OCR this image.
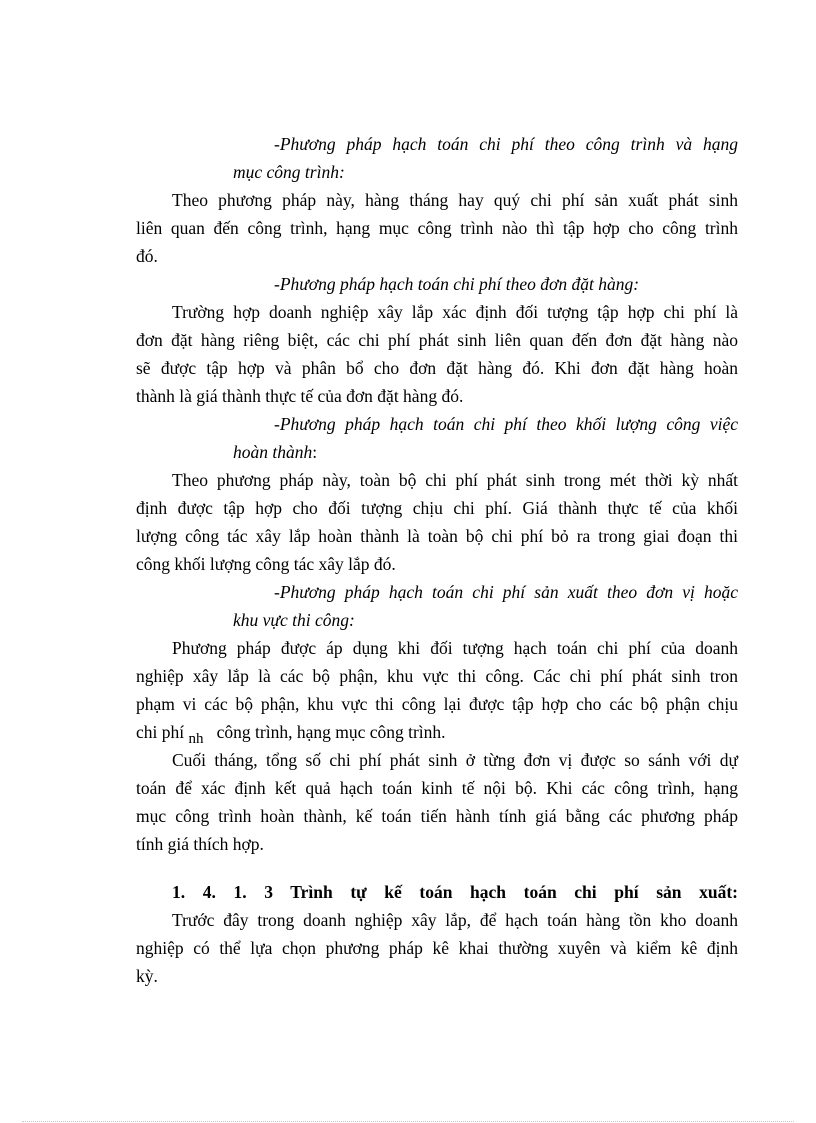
-Phương pháp hạch toán chi phí theo công trình và hạng
mục công trình:
Theo phương pháp này, hàng tháng hay quý chi phí sản xuất phát sinh
liên quan đến công trình, hạng mục công trình nào thì tập hợp cho công trình
đó.
-Phương pháp hạch toán chi phí theo đơn đặt hàng:
Trường hợp doanh nghiệp xây lắp xác định đối tượng tập hợp chi phí là
đơn đặt hàng riêng biệt, các chi phí phát sinh liên quan đến đơn đặt hàng nào
sẽ được tập hợp và phân bổ cho đơn đặt hàng đó. Khi đơn đặt hàng hoàn
thành là giá thành thực tế của đơn đặt hàng đó.
-Phương pháp hạch toán chi phí theo khối lượng công việc
hoàn thành:
Theo phương pháp này, toàn bộ chi phí phát sinh trong mét thời kỳ nhất
định được tập hợp cho đối tượng chịu chi phí. Giá thành thực tế của khối
lượng công tác xây lắp hoàn thành là toàn bộ chi phí bỏ ra trong giai đoạn thi
công khối lượng công tác xây lắp đó.
-Phương pháp hạch toán chi phí sản xuất theo đơn vị hoặc
khu vực thi công:
Phương pháp được áp dụng khi đối tượng hạch toán chi phí của doanh
nghiệp xây lắp là các bộ phận, khu vực thi công. Các chi phí phát sinh tron
phạm vi các bộ phận, khu vực thi công lại được tập hợp cho các bộ phận chịu
chi phí nh công trình, hạng mục công trình.
Cuối tháng, tổng số chi phí phát sinh ở từng đơn vị được so sánh với dự
toán để xác định kết quả hạch toán kinh tế nội bộ. Khi các công trình, hạng
mục công trình hoàn thành, kế toán tiến hành tính giá bằng các phương pháp
tính giá thích hợp.
1. 4. 1. 3 Trình tự kế toán hạch toán chi phí sản xuất:
Trước đây trong doanh nghiệp xây lắp, để hạch toán hàng tồn kho doanh
nghiệp có thể lựa chọn phương pháp kê khai thường xuyên và kiểm kê định
kỳ.
